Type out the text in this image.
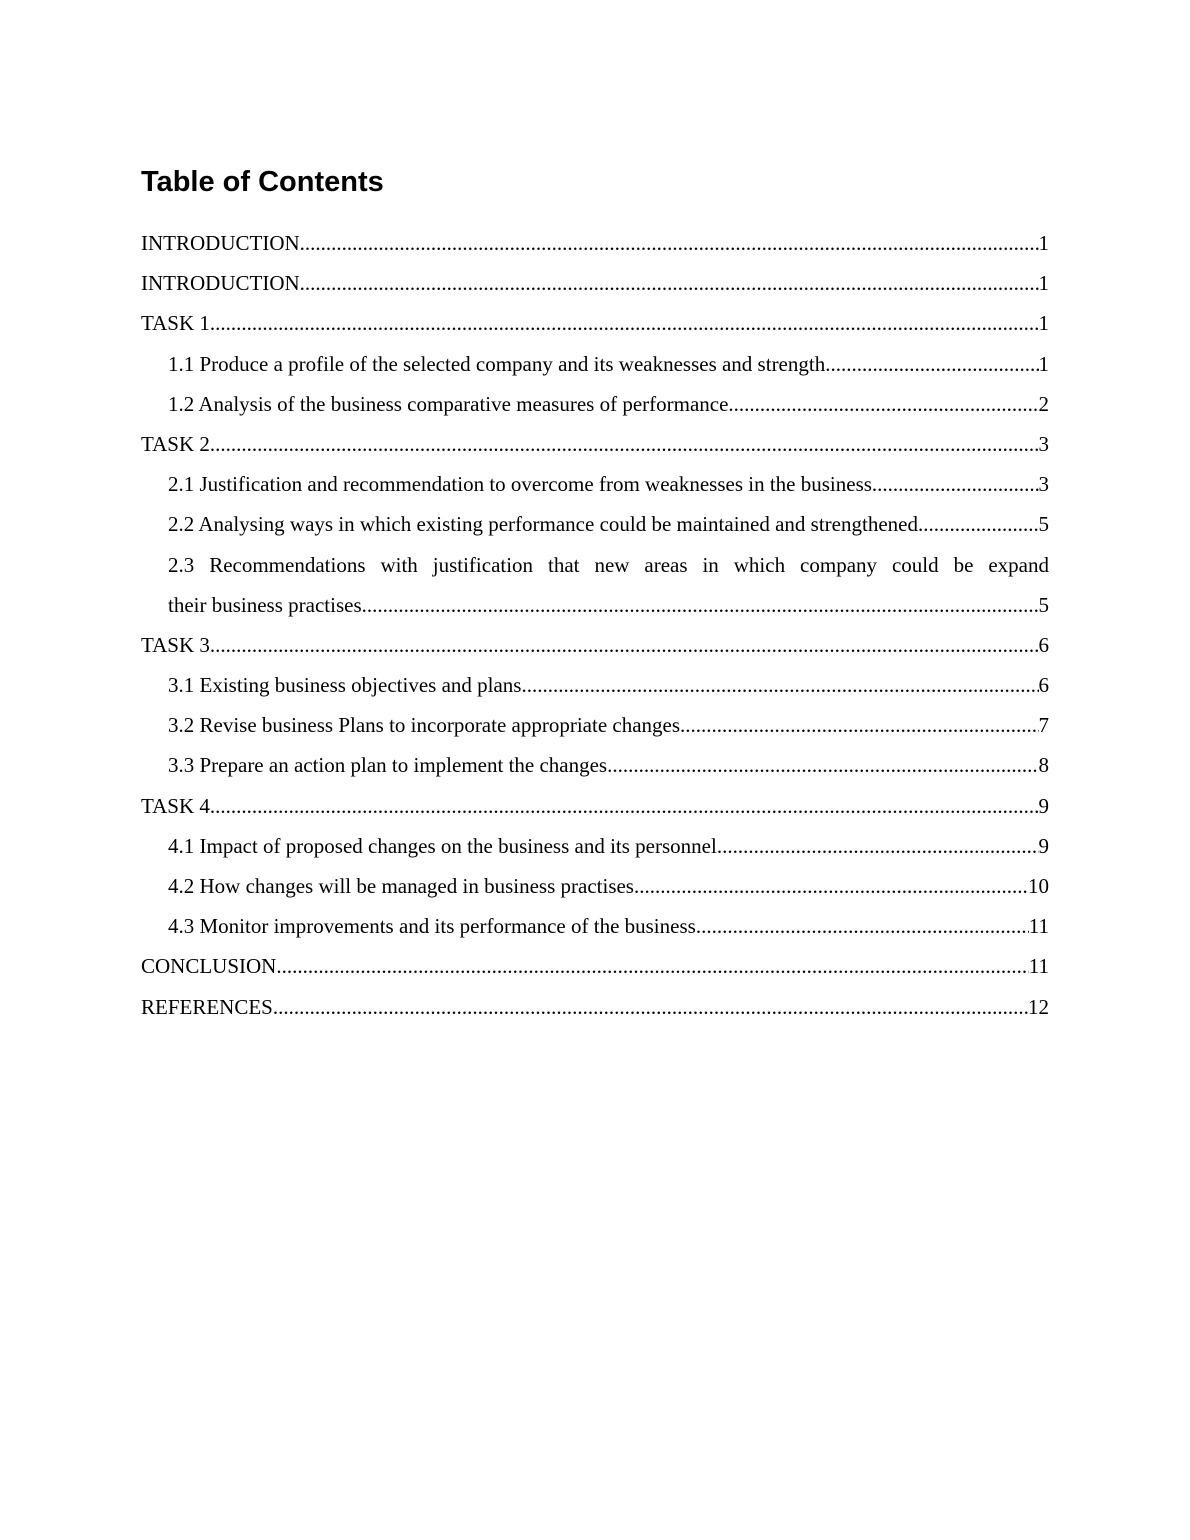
Table of Contents
INTRODUCTION .....	1
INTRODUCTION .....	1
TASK 1 .....	1
1.1 Produce a profile of the selected company and its weaknesses and strength. .....	1
1.2 Analysis of the business comparative measures of performance .....	2
TASK 2 .....	3
2.1 Justification and recommendation to overcome from weaknesses in the business .....	3
2.2 Analysing ways in which existing performance could be maintained and strengthened .....	5
2.3 Recommendations with justification that new areas in which company could be expand
their business practises. .....	5
TASK 3 .....	6
3.1 Existing business objectives and plans .....	6
3.2 Revise business Plans to incorporate appropriate changes .....	7
3.3 Prepare an action plan to implement the changes. .....	8
TASK 4 .....	9
4.1 Impact of proposed changes on the business and its personnel .....	9
4.2 How changes will be managed in business practises .....	10
4.3 Monitor improvements and its performance of the business .....	11
CONCLUSION .....	11
REFERENCES .....	12
